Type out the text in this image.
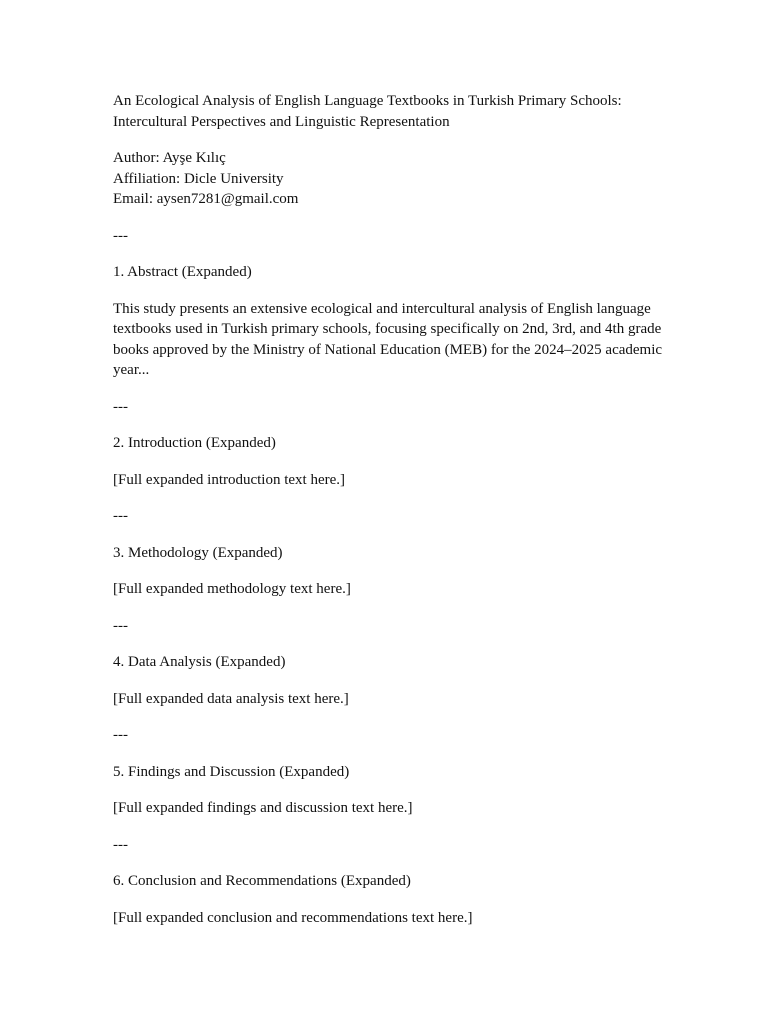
An Ecological Analysis of English Language Textbooks in Turkish Primary Schools:
Intercultural Perspectives and Linguistic Representation

Author: Ayşe Kılıç
Affiliation: Dicle University
Email: aysen7281@gmail.com

---

1. Abstract (Expanded)

This study presents an extensive ecological and intercultural analysis of English language textbooks used in Turkish primary schools, focusing specifically on 2nd, 3rd, and 4th grade books approved by the Ministry of National Education (MEB) for the 2024–2025 academic year...

---

2. Introduction (Expanded)

[Full expanded introduction text here.]

---

3. Methodology (Expanded)

[Full expanded methodology text here.]

---

4. Data Analysis (Expanded)

[Full expanded data analysis text here.]

---

5. Findings and Discussion (Expanded)

[Full expanded findings and discussion text here.]

---

6. Conclusion and Recommendations (Expanded)

[Full expanded conclusion and recommendations text here.]
